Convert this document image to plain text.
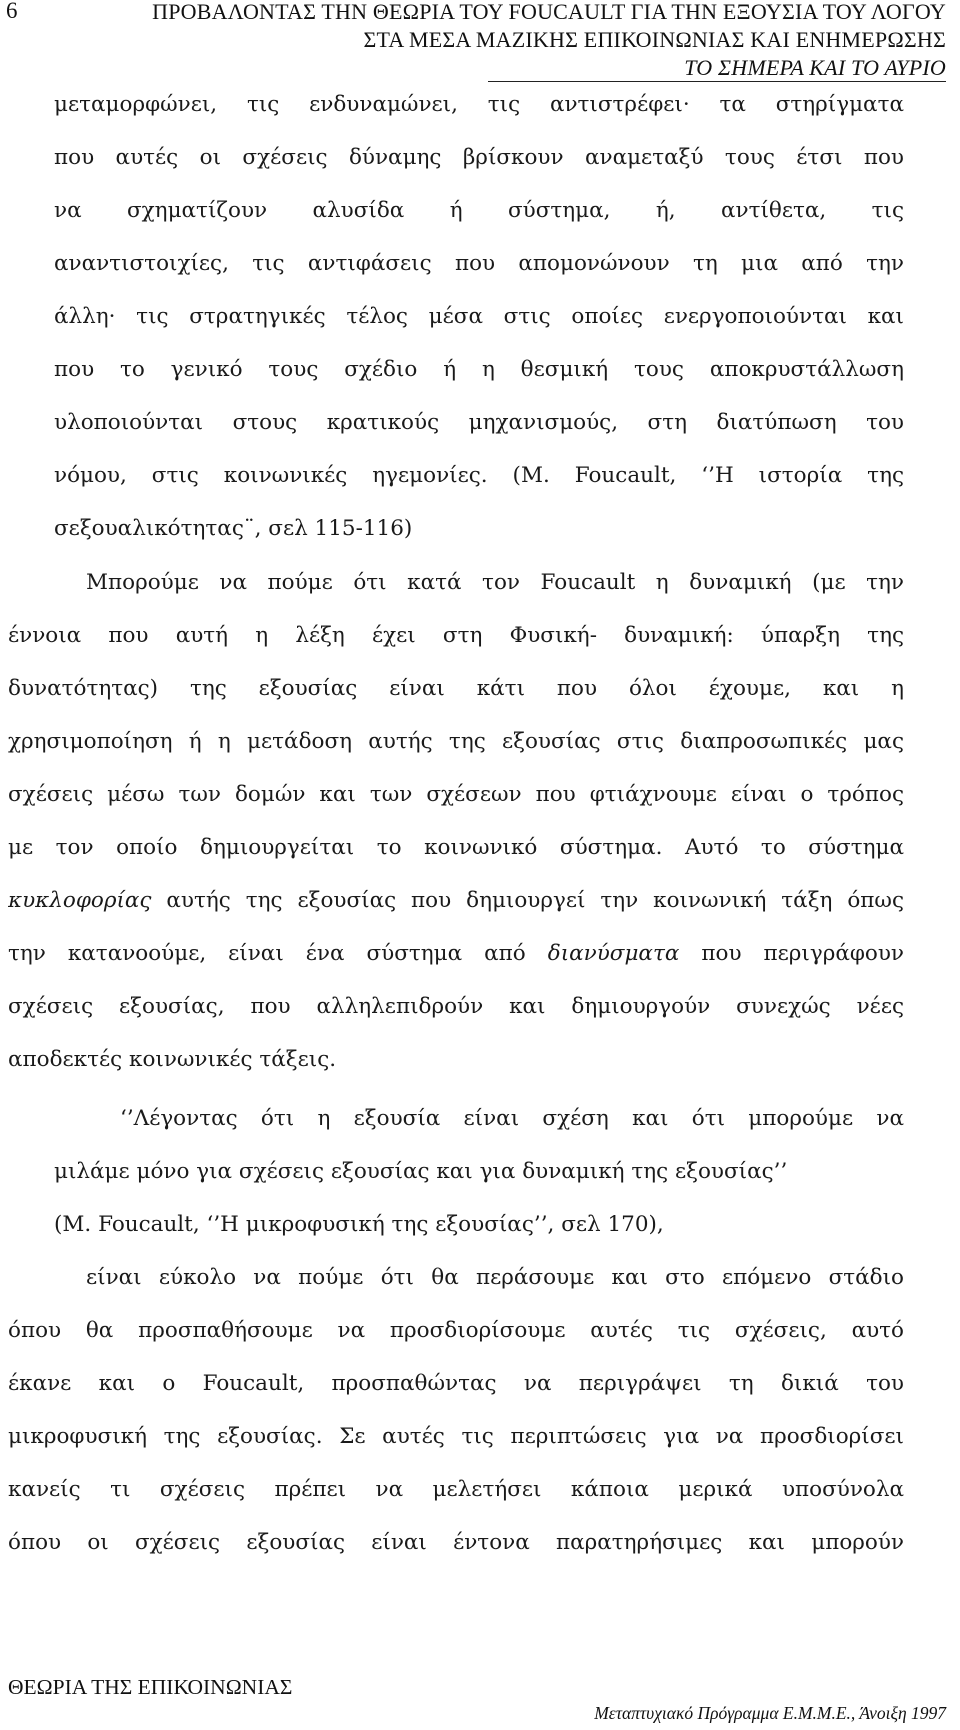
6	ΠΡΟΒΑΛΟΝΤΑΣ ΤΗΝ ΘΕΩΡΙΑ ΤΟΥ FOUCAULT ΓΙΑ ΤΗΝ ΕΞΟΥΣΙΑ ΤΟΥ ΛΟΓΟΥ
ΣΤΑ ΜΕΣΑ ΜΑΖΙΚΗΣ ΕΠΙΚΟΙΝΩΝΙΑΣ ΚΑΙ ΕΝΗΜΕΡΩΣΗΣ
ΤΟ ΣΗΜΕΡΑ ΚΑΙ ΤΟ ΑΥΡΙΟ
μεταμορφώνει, τις ενδυναμώνει, τις αντιστρέφει· τα στηρίγματα
που αυτές οι σχέσεις δύναμης βρίσκουν αναμεταξύ τους έτσι που
να σχηματίζουν αλυσίδα ή σύστημα, ή, αντίθετα, τις
αναντιστοιχίες, τις αντιφάσεις που απομονώνουν τη μια από την
άλλη· τις στρατηγικές τέλος μέσα στις οποίες ενεργοποιούνται και
που το γενικό τους σχέδιο ή η θεσμική τους αποκρυστάλλωση
υλοποιούνται στους κρατικούς μηχανισμούς, στη διατύπωση του
νόμου, στις κοινωνικές ηγεμονίες. (Μ. Foucault, ‘’Η ιστορία της
σεξουαλικότητας¨, σελ 115-116)
Μπορούμε να πούμε ότι κατά τον Foucault η δυναμική (με την
έννοια που αυτή η λέξη έχει στη Φυσική- δυναμική: ύπαρξη της
δυνατότητας) της εξουσίας είναι κάτι που όλοι έχουμε, και η
χρησιμοποίηση ή η μετάδοση αυτής της εξουσίας στις διαπροσωπικές μας
σχέσεις μέσω των δομών και των σχέσεων που φτιάχνουμε είναι ο τρόπος
με τον οποίο δημιουργείται το κοινωνικό σύστημα. Αυτό το σύστημα
κυκλοφορίας αυτής της εξουσίας που δημιουργεί την κοινωνική τάξη όπως
την κατανοούμε, είναι ένα σύστημα από διανύσματα που περιγράφουν
σχέσεις εξουσίας, που αλληλεπιδρούν και δημιουργούν συνεχώς νέες
αποδεκτές κοινωνικές τάξεις.
‘’Λέγοντας ότι η εξουσία είναι σχέση και ότι μπορούμε να
μιλάμε μόνο για σχέσεις εξουσίας και για δυναμική της εξουσίας’’
(Μ. Foucault, ‘’Η μικροφυσική της εξουσίας’’, σελ 170),
είναι εύκολο να πούμε ότι θα περάσουμε και στο επόμενο στάδιο
όπου θα προσπαθήσουμε να προσδιορίσουμε αυτές τις σχέσεις, αυτό
έκανε και ο Foucault, προσπαθώντας να περιγράψει τη δικιά του
μικροφυσική της εξουσίας. Σε αυτές τις περιπτώσεις για να προσδιορίσει
κανείς τι σχέσεις πρέπει να μελετήσει κάποια μερικά υποσύνολα
όπου οι σχέσεις εξουσίας είναι έντονα παρατηρήσιμες και μπορούν
ΘΕΩΡΙΑ ΤΗΣ ΕΠΙΚΟΙΝΩΝΙΑΣ
Μεταπτυχιακό Πρόγραμμα Ε.Μ.Μ.Ε., Άνοιξη 1997
